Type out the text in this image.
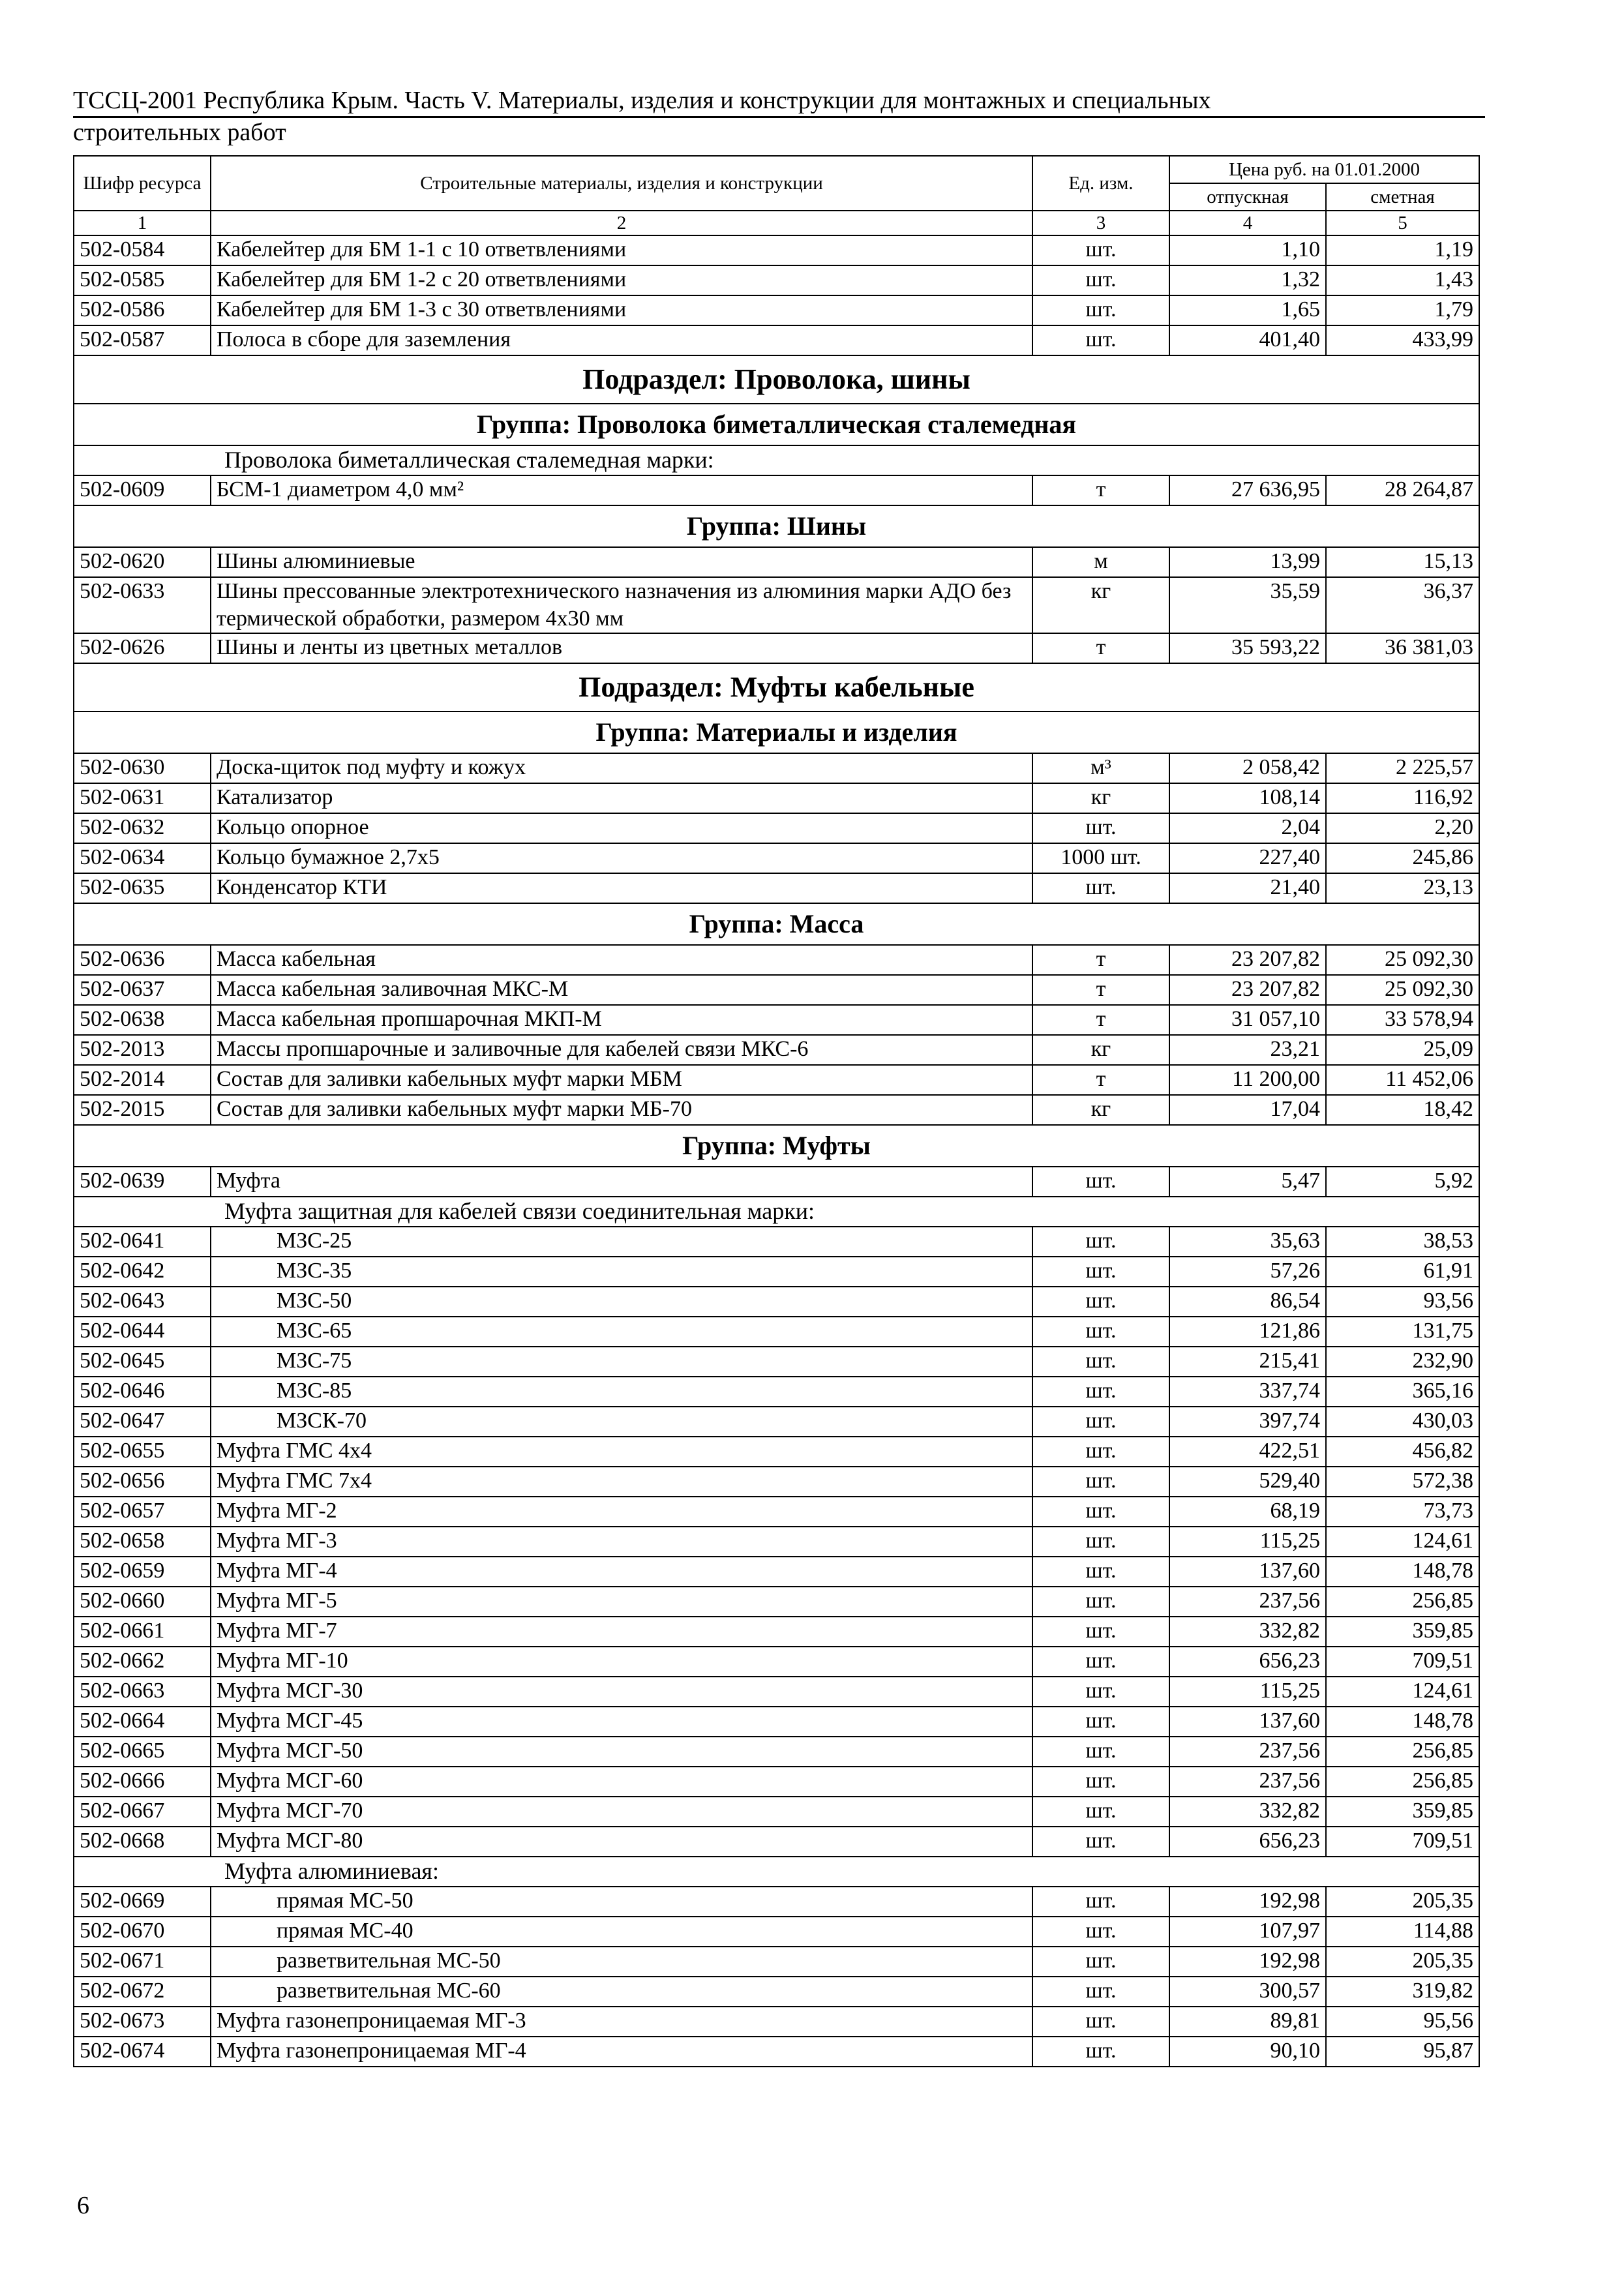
ТССЦ-2001 Республика Крым. Часть V. Материалы, изделия и конструкции для монтажных и специальных
строительных работ
Шифр ресурса	Строительные материалы, изделия и конструкции	Ед. изм.	Цена руб. на 01.01.2000	
			отпускная	сметная
1	2	3	4	5
502-0584	Кабелейтер для БМ 1-1 с 10 ответвлениями	шт.	1,10	1,19
502-0585	Кабелейтер для БМ 1-2 с 20 ответвлениями	шт.	1,32	1,43
502-0586	Кабелейтер для БМ 1-3 с 30 ответвлениями	шт.	1,65	1,79
502-0587	Полоса в сборе для заземления	шт.	401,40	433,99
Подраздел: Проволока, шины				
Группа: Проволока биметаллическая сталемедная				
Проволока биметаллическая сталемедная марки:				
502-0609	БСМ-1 диаметром 4,0 мм²	т	27 636,95	28 264,87
Группа: Шины				
502-0620	Шины алюминиевые	м	13,99	15,13
502-0633	Шины прессованные электротехнического назначения из алюминия марки АДО без термической обработки, размером 4х30 мм	кг	35,59	36,37
502-0626	Шины и ленты из цветных металлов	т	35 593,22	36 381,03
Подраздел: Муфты кабельные				
Группа: Материалы и изделия				
502-0630	Доска-щиток под муфту и кожух	м³	2 058,42	2 225,57
502-0631	Катализатор	кг	108,14	116,92
502-0632	Кольцо опорное	шт.	2,04	2,20
502-0634	Кольцо бумажное 2,7х5	1000 шт.	227,40	245,86
502-0635	Конденсатор КТИ	шт.	21,40	23,13
Группа: Масса				
502-0636	Масса кабельная	т	23 207,82	25 092,30
502-0637	Масса кабельная заливочная МКС-М	т	23 207,82	25 092,30
502-0638	Масса кабельная пропшарочная МКП-М	т	31 057,10	33 578,94
502-2013	Массы пропшарочные и заливочные для кабелей связи МКС-6	кг	23,21	25,09
502-2014	Состав для заливки кабельных муфт марки МБМ	т	11 200,00	11 452,06
502-2015	Состав для заливки кабельных муфт марки МБ-70	кг	17,04	18,42
Группа: Муфты				
502-0639	Муфта	шт.	5,47	5,92
Муфта защитная для кабелей связи соединительная марки:				
502-0641	МЗС-25	шт.	35,63	38,53
502-0642	МЗС-35	шт.	57,26	61,91
502-0643	МЗС-50	шт.	86,54	93,56
502-0644	МЗС-65	шт.	121,86	131,75
502-0645	МЗС-75	шт.	215,41	232,90
502-0646	МЗС-85	шт.	337,74	365,16
502-0647	МЗСК-70	шт.	397,74	430,03
502-0655	Муфта ГМС 4х4	шт.	422,51	456,82
502-0656	Муфта ГМС 7х4	шт.	529,40	572,38
502-0657	Муфта МГ-2	шт.	68,19	73,73
502-0658	Муфта МГ-3	шт.	115,25	124,61
502-0659	Муфта МГ-4	шт.	137,60	148,78
502-0660	Муфта МГ-5	шт.	237,56	256,85
502-0661	Муфта МГ-7	шт.	332,82	359,85
502-0662	Муфта МГ-10	шт.	656,23	709,51
502-0663	Муфта МСГ-30	шт.	115,25	124,61
502-0664	Муфта МСГ-45	шт.	137,60	148,78
502-0665	Муфта МСГ-50	шт.	237,56	256,85
502-0666	Муфта МСГ-60	шт.	237,56	256,85
502-0667	Муфта МСГ-70	шт.	332,82	359,85
502-0668	Муфта МСГ-80	шт.	656,23	709,51
Муфта алюминиевая:				
502-0669	прямая МС-50	шт.	192,98	205,35
502-0670	прямая МС-40	шт.	107,97	114,88
502-0671	разветвительная МС-50	шт.	192,98	205,35
502-0672	разветвительная МС-60	шт.	300,57	319,82
502-0673	Муфта газонепроницаемая МГ-3	шт.	89,81	95,56
502-0674	Муфта газонепроницаемая МГ-4	шт.	90,10	95,87
6
